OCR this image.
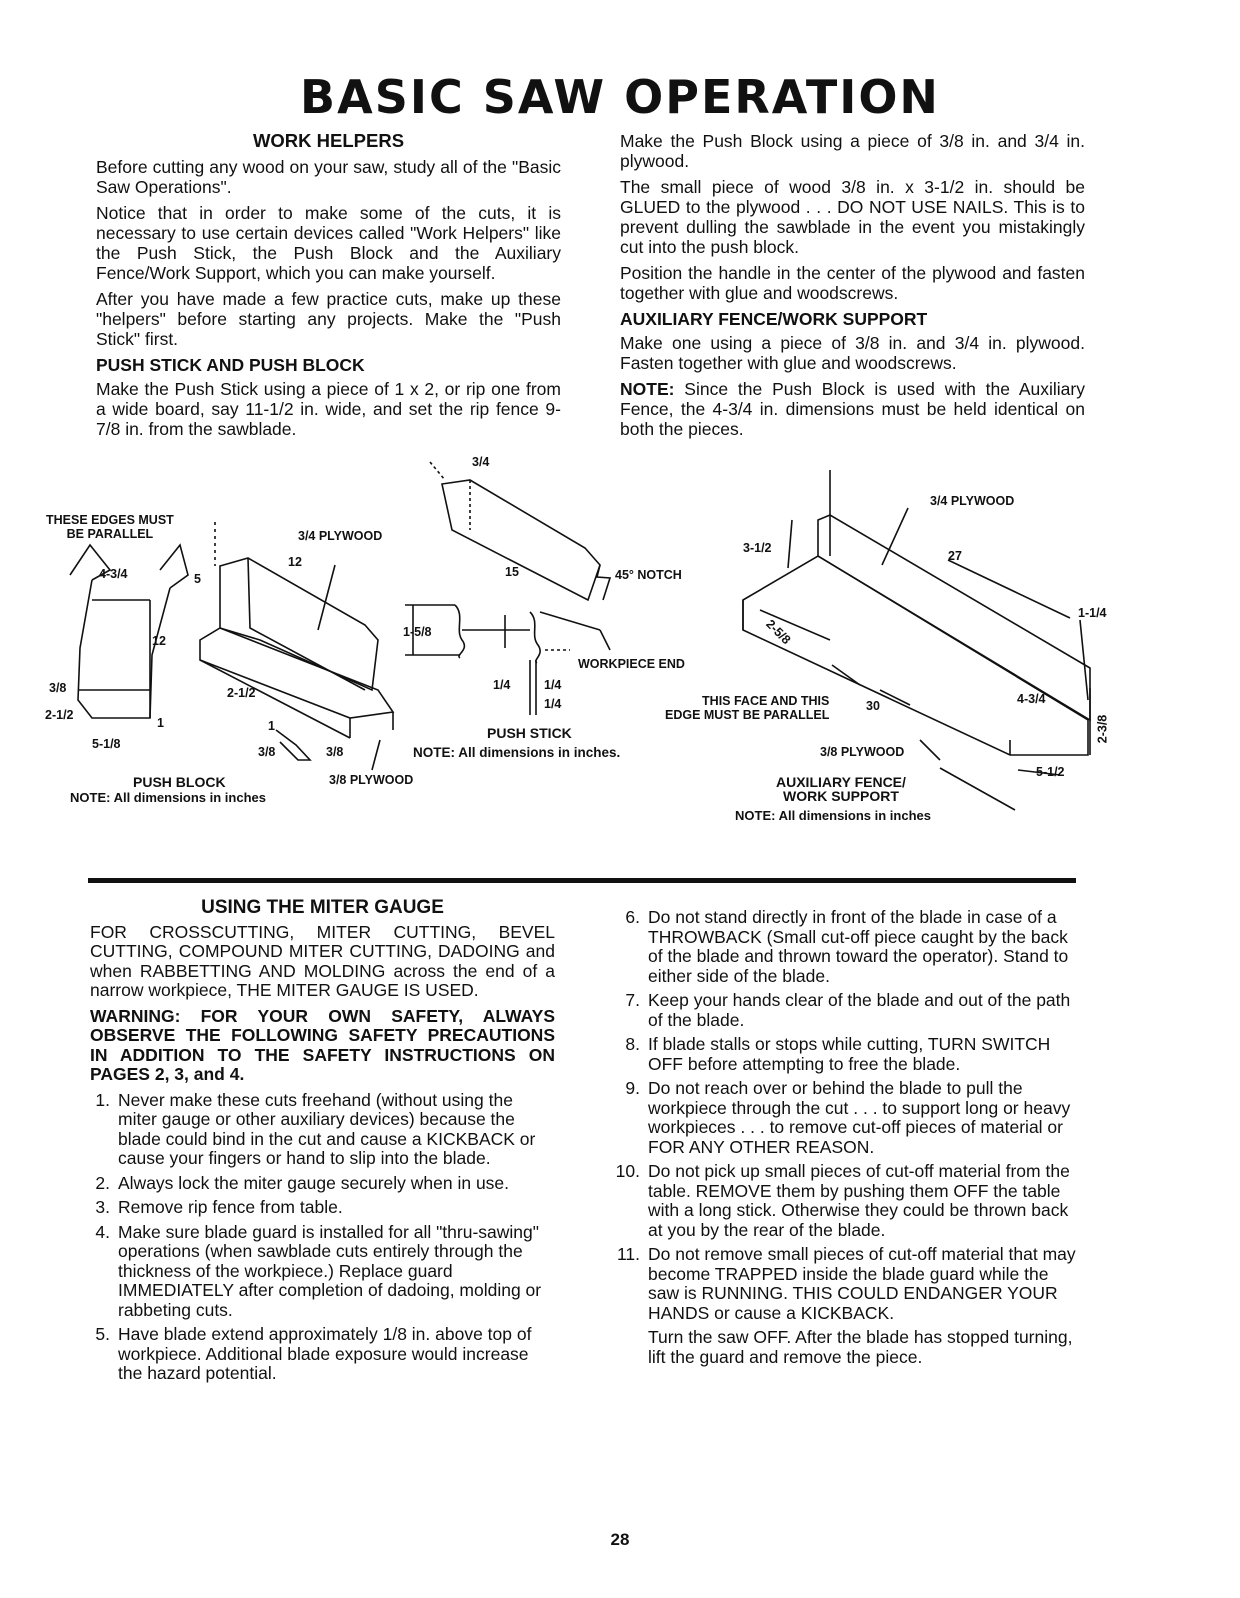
BASIC SAW OPERATION
WORK HELPERS

Before cutting any wood on your saw, study all of the "Basic Saw Operations".

Notice that in order to make some of the cuts, it is necessary to use certain devices called "Work Helpers" like the Push Stick, the Push Block and the Auxiliary Fence/Work Support, which you can make yourself.

After you have made a few practice cuts, make up these "helpers" before starting any projects. Make the "Push Stick" first.

PUSH STICK AND PUSH BLOCK

Make the Push Stick using a piece of 1 x 2, or rip one from a wide board, say 11-1/2 in. wide, and set the rip fence 9-7/8 in. from the sawblade.

Make the Push Block using a piece of 3/8 in. and 3/4 in. plywood.

The small piece of wood 3/8 in. x 3-1/2 in. should be GLUED to the plywood . . . DO NOT USE NAILS. This is to prevent dulling the sawblade in the event you mistakingly cut into the push block.

Position the handle in the center of the plywood and fasten together with glue and woodscrews.

AUXILIARY FENCE/WORK SUPPORT

Make one using a piece of 3/8 in. and 3/4 in. plywood. Fasten together with glue and woodscrews.

NOTE: Since the Push Block is used with the Auxiliary Fence, the 4-3/4 in. dimensions must be held identical on both the pieces.

THESE EDGES MUST
BE PARALLEL
4-3/4	5
12
12
3/8
2-1/2
1
5-1/8
2-1/2
1
3/8	3/8
3/4 PLYWOOD
3/8 PLYWOOD
PUSH BLOCK
NOTE: All dimensions in inches
3/4
15	45° NOTCH
1-5/8
WORKPIECE END
1/4	1/4
1/4
PUSH STICK
NOTE: All dimensions in inches.
3/4 PLYWOOD
3-1/2
27
1-1/4
2-5/8
THIS FACE AND THIS
EDGE MUST BE PARALLEL
30	4-3/4
2-3/8
3/8 PLYWOOD
5-1/2
AUXILIARY FENCE/
WORK SUPPORT
NOTE: All dimensions in inches
USING THE MITER GAUGE

FOR CROSSCUTTING, MITER CUTTING, BEVEL CUTTING, COMPOUND MITER CUTTING, DADOING and when RABBETTING AND MOLDING across the end of a narrow workpiece, THE MITER GAUGE IS USED.

WARNING: FOR YOUR OWN SAFETY, ALWAYS OBSERVE THE FOLLOWING SAFETY PRECAUTIONS IN ADDITION TO THE SAFETY INSTRUCTIONS ON PAGES 2, 3, and 4.
1. Never make these cuts freehand (without using the miter gauge or other auxiliary devices) because the blade could bind in the cut and cause a KICKBACK or cause your fingers or hand to slip into the blade.
2. Always lock the miter gauge securely when in use.
3. Remove rip fence from table.
4. Make sure blade guard is installed for all "thru-sawing" operations (when sawblade cuts entirely through the thickness of the workpiece.) Replace guard IMMEDIATELY after completion of dadoing, molding or rabbeting cuts.
5. Have blade extend approximately 1/8 in. above top of workpiece. Additional blade exposure would increase the hazard potential.
6. Do not stand directly in front of the blade in case of a THROWBACK (Small cut-off piece caught by the back of the blade and thrown toward the operator). Stand to either side of the blade.
7. Keep your hands clear of the blade and out of the path of the blade.
8. If blade stalls or stops while cutting, TURN SWITCH OFF before attempting to free the blade.
9. Do not reach over or behind the blade to pull the workpiece through the cut . . . to support long or heavy workpieces . . . to remove cut-off pieces of material or FOR ANY OTHER REASON.
10. Do not pick up small pieces of cut-off material from the table. REMOVE them by pushing them OFF the table with a long stick. Otherwise they could be thrown back at you by the rear of the blade.
11. Do not remove small pieces of cut-off material that may become TRAPPED inside the blade guard while the saw is RUNNING. THIS COULD ENDANGER YOUR HANDS or cause a KICKBACK.

Turn the saw OFF. After the blade has stopped turning, lift the guard and remove the piece.

28
